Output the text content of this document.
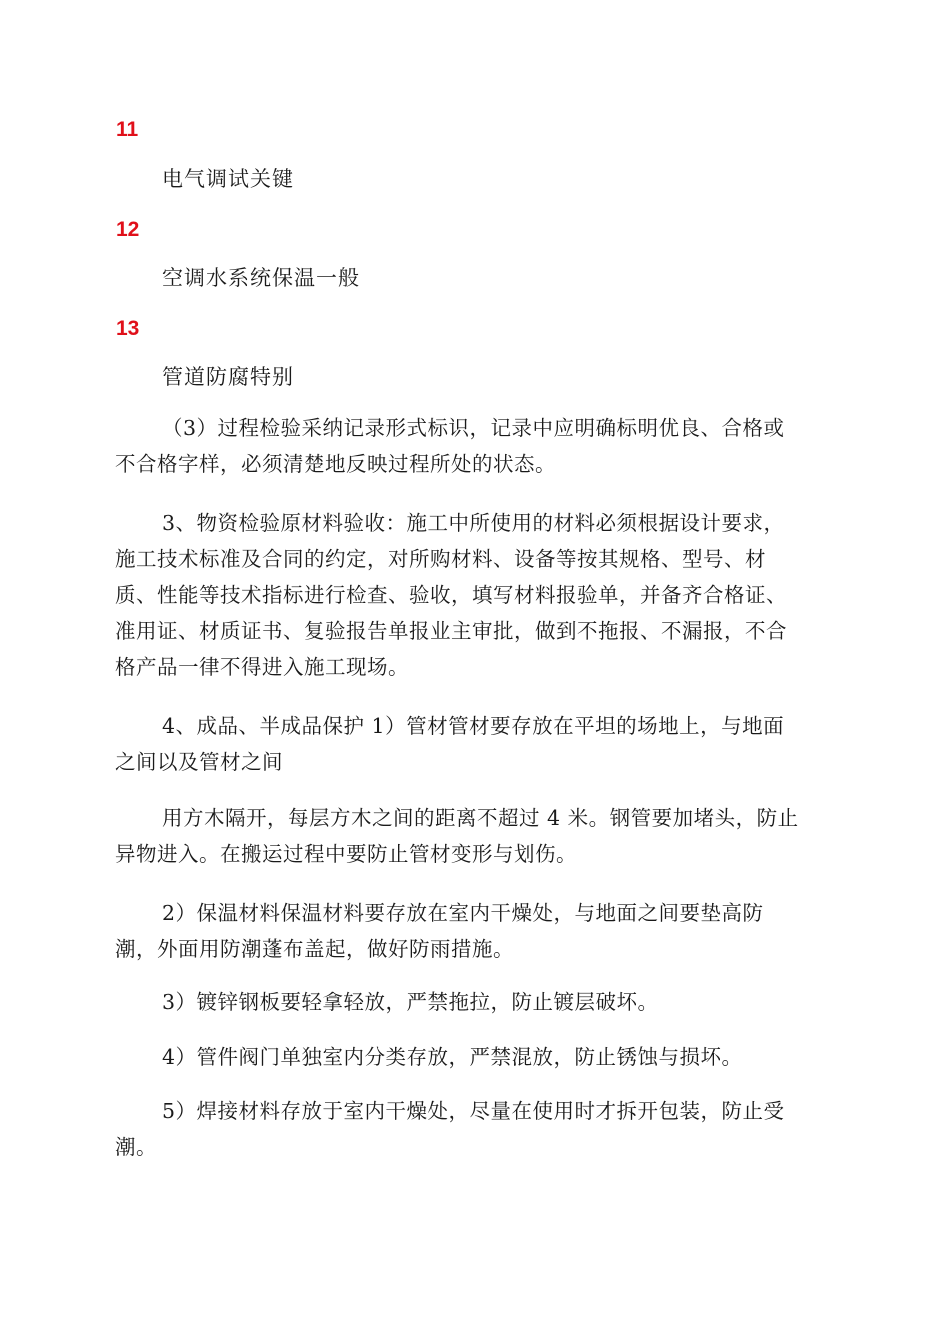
11
电气调试关键
12
空调水系统保温一般
13
管道防腐特别
（3）过程检验采纳记录形式标识，记录中应明确标明优良、合格或
不合格字样，必须清楚地反映过程所处的状态。
3、物资检验原材料验收：施工中所使用的材料必须根据设计要求，
施工技术标准及合同的约定，对所购材料、设备等按其规格、型号、材
质、性能等技术指标进行检查、验收，填写材料报验单，并备齐合格证、
准用证、材质证书、复验报告单报业主审批，做到不拖报、不漏报，不合
格产品一律不得进入施工现场。
4、成品、半成品保护 1）管材管材要存放在平坦的场地上，与地面
之间以及管材之间
用方木隔开，每层方木之间的距离不超过 4 米。钢管要加堵头，防止
异物进入。在搬运过程中要防止管材变形与划伤。
2）保温材料保温材料要存放在室内干燥处，与地面之间要垫高防
潮，外面用防潮蓬布盖起，做好防雨措施。
3）镀锌钢板要轻拿轻放，严禁拖拉，防止镀层破坏。
4）管件阀门单独室内分类存放，严禁混放，防止锈蚀与损坏。
5）焊接材料存放于室内干燥处，尽量在使用时才拆开包装，防止受
潮。
